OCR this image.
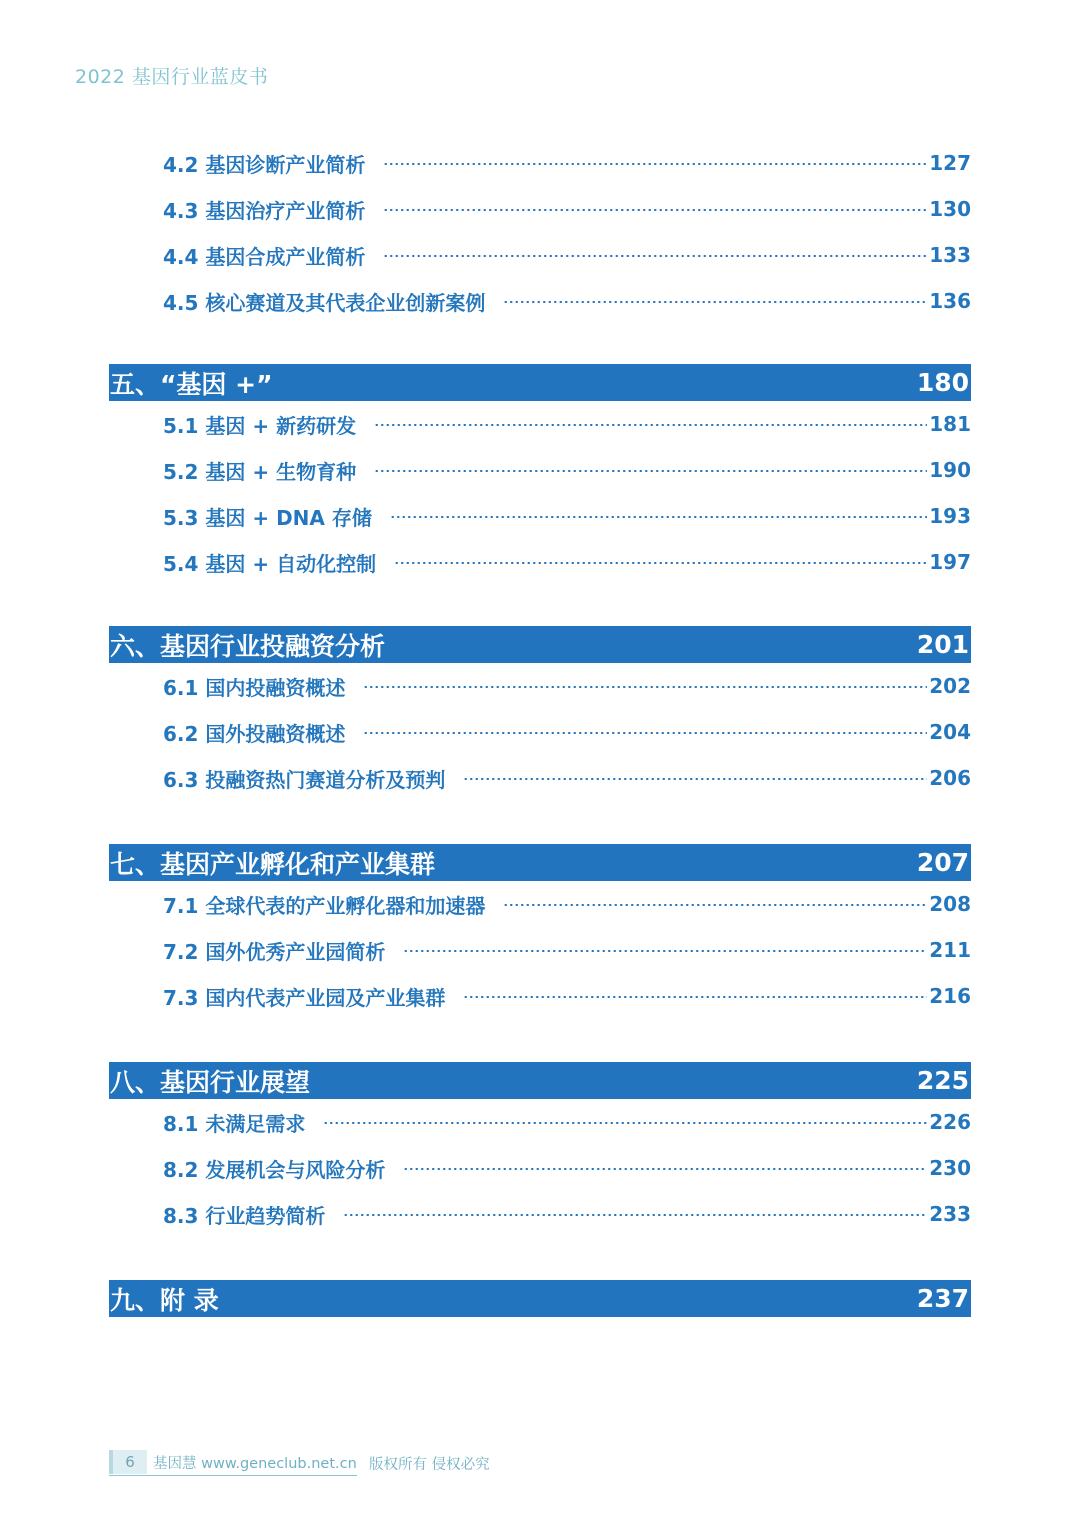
2022 基因行业蓝皮书
4.2 基因诊断产业简析	127
4.3 基因治疗产业简析	130
4.4 基因合成产业简析	133
4.5 核心赛道及其代表企业创新案例	136
五、“基因 +”	180
5.1 基因 + 新药研发	181
5.2 基因 + 生物育种	190
5.3 基因 + DNA 存储	193
5.4 基因 + 自动化控制	197
六、基因行业投融资分析	201
6.1 国内投融资概述	202
6.2 国外投融资概述	204
6.3 投融资热门赛道分析及预判	206
七、基因产业孵化和产业集群	207
7.1 全球代表的产业孵化器和加速器	208
7.2 国外优秀产业园简析	211
7.3 国内代表产业园及产业集群	216
八、基因行业展望	225
8.1 未满足需求	226
8.2 发展机会与风险分析	230
8.3 行业趋势简析	233
九、附 录	237
6	基因慧 www.geneclub.net.cn 版权所有 侵权必究
